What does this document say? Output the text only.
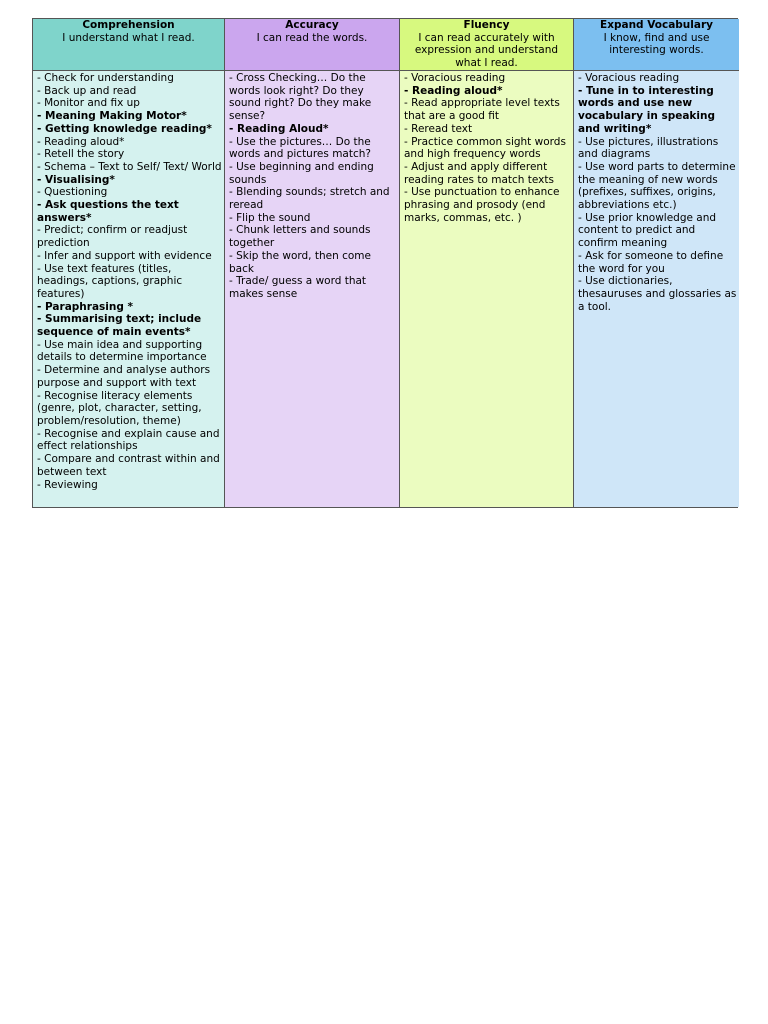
Comprehension
I understand what I read.
Accuracy
I can read the words.
Fluency
I can read accurately with expression and understand what I read.
Expand Vocabulary
I know, find and use interesting words.
- Check for understanding
- Back up and read
- Monitor and fix up
- Meaning Making Motor*
- Getting knowledge reading*
- Reading aloud*
- Retell the story
- Schema – Text to Self/ Text/ World
- Visualising*
- Questioning
- Ask questions the text answers*
- Predict; confirm or readjust prediction
- Infer and support with evidence
- Use text features (titles, headings, captions, graphic features)
- Paraphrasing *
- Summarising text; include sequence of main events*
- Use main idea and supporting details to determine importance
- Determine and analyse authors purpose and support with text
- Recognise literacy elements (genre, plot, character, setting, problem/resolution, theme)
- Recognise and explain cause and effect relationships
- Compare and contrast within and between text
- Reviewing
- Cross Checking… Do the words look right? Do they sound right? Do they make sense?
- Reading Aloud*
- Use the pictures… Do the words and pictures match?
- Use beginning and ending sounds
- Blending sounds; stretch and reread
- Flip the sound
- Chunk letters and sounds together
- Skip the word, then come back
- Trade/ guess a word that makes sense
- Voracious reading
- Reading aloud*
- Read appropriate level texts that are a good fit
- Reread text
- Practice common sight words and high frequency words
- Adjust and apply different reading rates to match texts
- Use punctuation to enhance phrasing and prosody (end marks, commas, etc. )
- Voracious reading
- Tune in to interesting words and use new vocabulary in speaking and writing*
- Use pictures, illustrations and diagrams
- Use word parts to determine the meaning of new words (prefixes, suffixes, origins, abbreviations etc.)
- Use prior knowledge and content to predict and confirm meaning
- Ask for someone to define the word for you
- Use dictionaries, thesauruses and glossaries as a tool.
